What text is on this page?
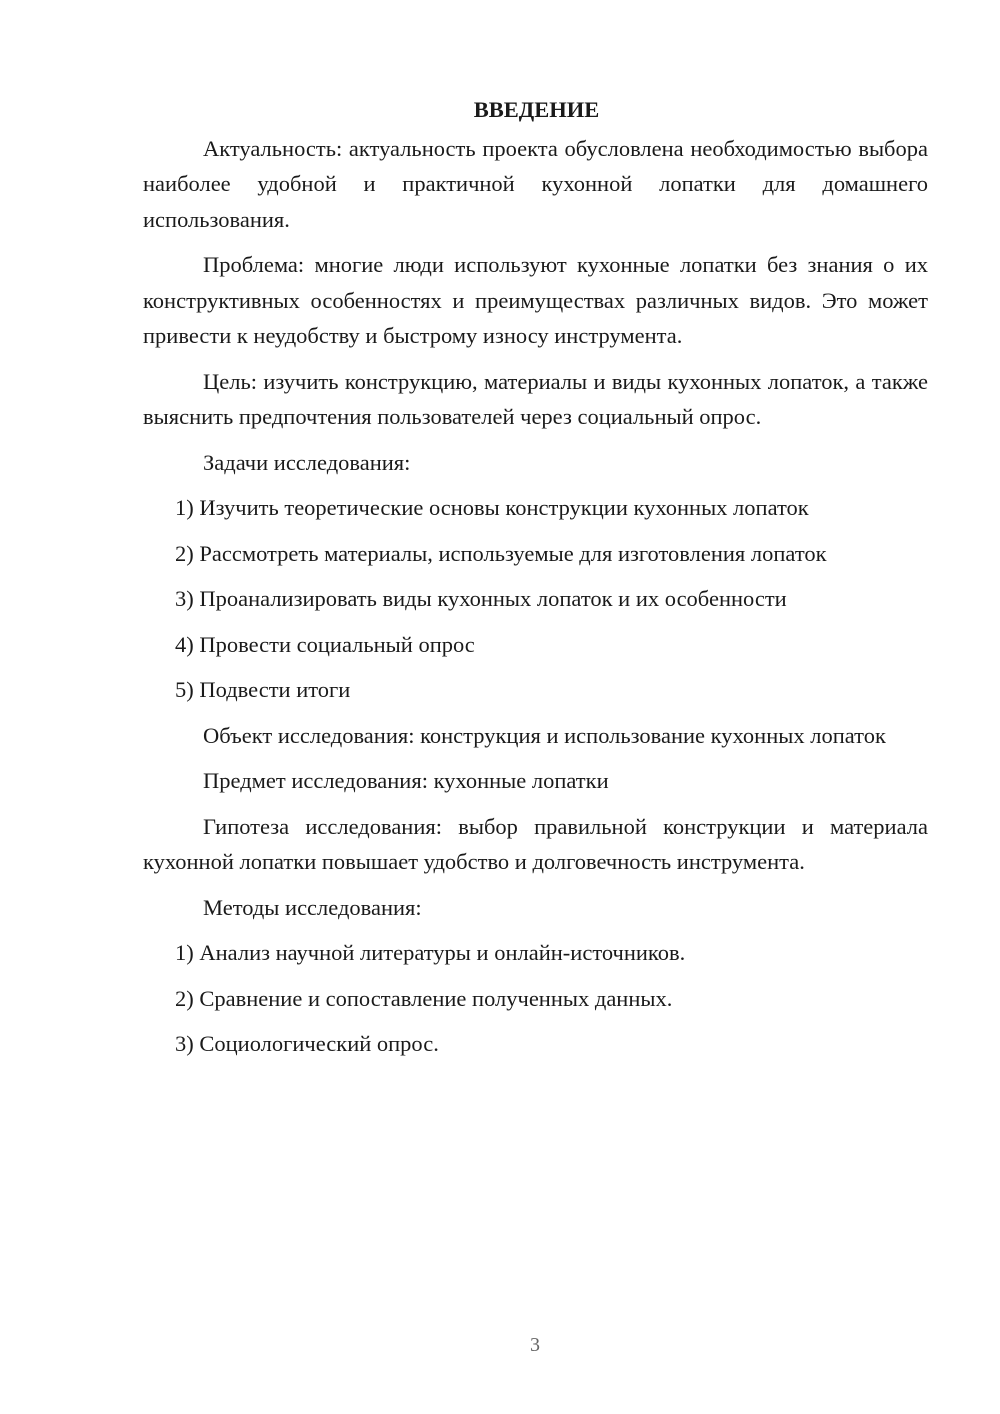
ВВЕДЕНИЕ

Актуальность: актуальность проекта обусловлена необходимостью выбора наиболее удобной и практичной кухонной лопатки для домашнего использования.

Проблема: многие люди используют кухонные лопатки без знания о их конструктивных особенностях и преимуществах различных видов. Это может привести к неудобству и быстрому износу инструмента.

Цель: изучить конструкцию, материалы и виды кухонных лопаток, а также выяснить предпочтения пользователей через социальный опрос.

Задачи исследования:

1) Изучить теоретические основы конструкции кухонных лопаток
2) Рассмотреть материалы, используемые для изготовления лопаток
3) Проанализировать виды кухонных лопаток и их особенности
4) Провести социальный опрос
5) Подвести итоги

Объект исследования: конструкция и использование кухонных лопаток

Предмет исследования: кухонные лопатки

Гипотеза исследования: выбор правильной конструкции и материала кухонной лопатки повышает удобство и долговечность инструмента.

Методы исследования:

1) Анализ научной литературы и онлайн-источников.
2) Сравнение и сопоставление полученных данных.
3) Социологический опрос.
3
